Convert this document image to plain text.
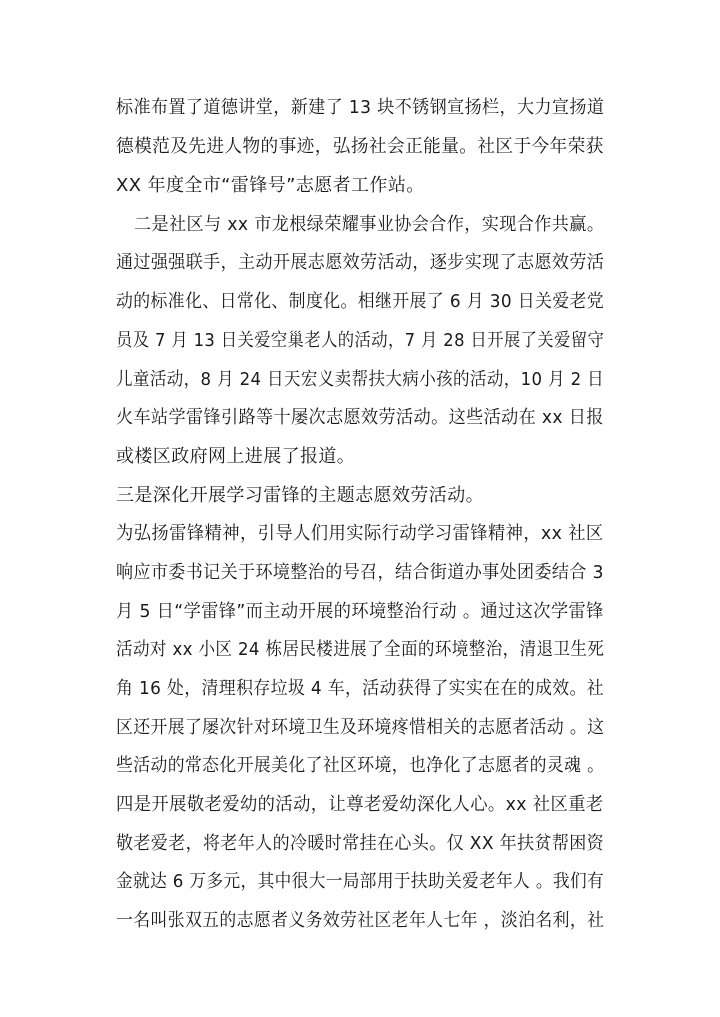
标准布置了道德讲堂，新建了 13 块不锈钢宣扬栏，大力宣扬道
德模范及先进人物的事迹，弘扬社会正能量。社区于今年荣获
XX 年度全市“雷锋号”志愿者工作站。
二是社区与 xx 市龙根绿荣耀事业协会合作，实现合作共赢。
通过强强联手，主动开展志愿效劳活动，逐步实现了志愿效劳活
动的标准化、日常化、制度化。相继开展了 6 月 30 日关爱老党
员及 7 月 13 日关爱空巢老人的活动，7 月 28 日开展了关爱留守
儿童活动，8 月 24 日天宏义卖帮扶大病小孩的活动，10 月 2 日
火车站学雷锋引路等十屡次志愿效劳活动。这些活动在 xx 日报
或楼区政府网上进展了报道。
三是深化开展学习雷锋的主题志愿效劳活动。
为弘扬雷锋精神，引导人们用实际行动学习雷锋精神，xx 社区
响应市委书记关于环境整治的号召，结合街道办事处团委结合 3
月 5 日“学雷锋”而主动开展的环境整治行动 。通过这次学雷锋
活动对 xx 小区 24 栋居民楼进展了全面的环境整治，清退卫生死
角 16 处，清理积存垃圾 4 车，活动获得了实实在在的成效。社
区还开展了屡次针对环境卫生及环境疼惜相关的志愿者活动 。这
些活动的常态化开展美化了社区环境，也净化了志愿者的灵魂 。
四是开展敬老爱幼的活动，让尊老爱幼深化人心。xx 社区重老
敬老爱老，将老年人的冷暖时常挂在心头。仅 XX 年扶贫帮困资
金就达 6 万多元，其中很大一局部用于扶助关爱老年人 。我们有
一名叫张双五的志愿者义务效劳社区老年人七年 ，淡泊名利，社
